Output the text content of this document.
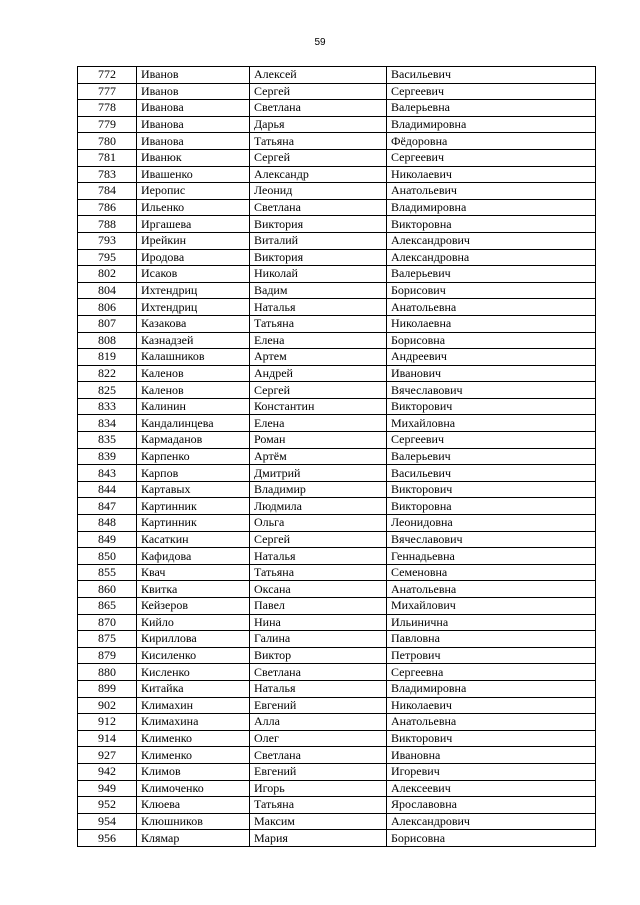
59
772	Иванов	Алексей	Васильевич
777	Иванов	Сергей	Сергеевич
778	Иванова	Светлана	Валерьевна
779	Иванова	Дарья	Владимировна
780	Иванова	Татьяна	Фёдоровна
781	Иванюк	Сергей	Сергеевич
783	Ивашенко	Александр	Николаевич
784	Иеропис	Леонид	Анатольевич
786	Ильенко	Светлана	Владимировна
788	Иргашева	Виктория	Викторовна
793	Ирейкин	Виталий	Александрович
795	Иродова	Виктория	Александровна
802	Исаков	Николай	Валерьевич
804	Ихтендриц	Вадим	Борисович
806	Ихтендриц	Наталья	Анатольевна
807	Казакова	Татьяна	Николаевна
808	Казнадзей	Елена	Борисовна
819	Калашников	Артем	Андреевич
822	Каленов	Андрей	Иванович
825	Каленов	Сергей	Вячеславович
833	Калинин	Константин	Викторович
834	Кандалинцева	Елена	Михайловна
835	Кармаданов	Роман	Сергеевич
839	Карпенко	Артём	Валерьевич
843	Карпов	Дмитрий	Васильевич
844	Картавых	Владимир	Викторович
847	Картинник	Людмила	Викторовна
848	Картинник	Ольга	Леонидовна
849	Касаткин	Сергей	Вячеславович
850	Кафидова	Наталья	Геннадьевна
855	Квач	Татьяна	Семеновна
860	Квитка	Оксана	Анатольевна
865	Кейзеров	Павел	Михайлович
870	Кийло	Нина	Ильинична
875	Кириллова	Галина	Павловна
879	Кисиленко	Виктор	Петрович
880	Кисленко	Светлана	Сергеевна
899	Китайка	Наталья	Владимировна
902	Климахин	Евгений	Николаевич
912	Климахина	Алла	Анатольевна
914	Клименко	Олег	Викторович
927	Клименко	Светлана	Ивановна
942	Климов	Евгений	Игоревич
949	Климоченко	Игорь	Алексеевич
952	Клюева	Татьяна	Ярославовна
954	Клюшников	Максим	Александрович
956	Клямар	Мария	Борисовна
